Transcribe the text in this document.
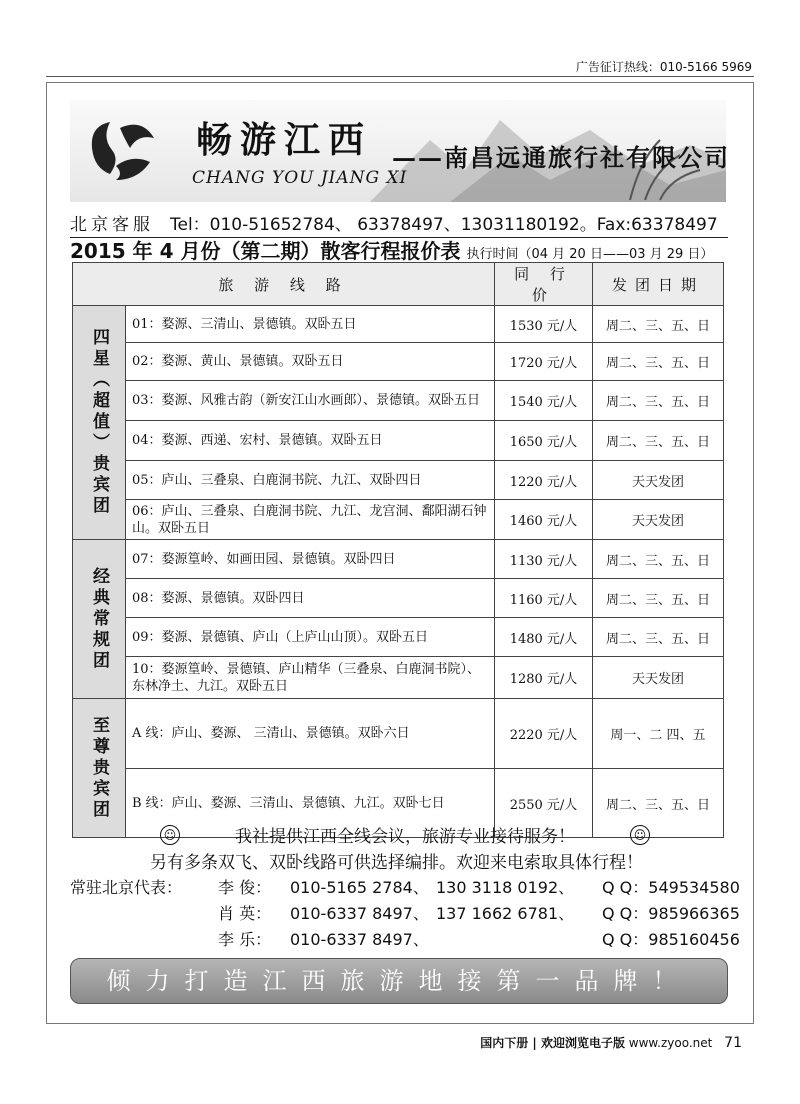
广告征订热线：010-5166 5969
畅游江西
CHANG YOU JIANG XI
——南昌远通旅行社有限公司
北京客服 Tel：010-51652784、 63378497、13031180192。Fax:63378497
2015 年 4 月份（第二期）散客行程报价表 执行时间（04 月 20 日——03 月 29 日）
旅 游 线 路		同 行 价	发团日期

四星（超值）贵宾团	01：婺源、三清山、景德镇。双卧五日	1530 元/人	周二、三、五、日
	02：婺源、黄山、景德镇。双卧五日	1720 元/人	周二、三、五、日
	03：婺源、风雅古韵（新安江山水画郎）、景德镇。双卧五日	1540 元/人	周二、三、五、日
	04：婺源、西递、宏村、景德镇。双卧五日	1650 元/人	周二、三、五、日
	05：庐山、三叠泉、白鹿洞书院、九江、双卧四日	1220 元/人	天天发团
	06：庐山、三叠泉、白鹿洞书院、九江、龙宫洞、鄱阳湖石钟山。双卧五日	1460 元/人	天天发团

经典常规团	07：婺源篁岭、如画田园、景德镇。双卧四日	1130 元/人	周二、三、五、日
	08：婺源、景德镇。双卧四日	1160 元/人	周二、三、五、日
	09：婺源、景德镇、庐山（上庐山山顶）。双卧五日	1480 元/人	周二、三、五、日
	10：婺源篁岭、景德镇、庐山精华（三叠泉、白鹿洞书院）、东林净土、九江。双卧五日	1280 元/人	天天发团

至尊贵宾团	A 线：庐山、婺源、 三清山、景德镇。双卧六日	2220 元/人	周一、二 四、五
	B 线：庐山、婺源、三清山、景德镇、九江。双卧七日	2550 元/人	周二、三、五、日
☺	我社提供江西全线会议，旅游专业接待服务！	☺
另有多条双飞、双卧线路可供选择编排。欢迎来电索取具体行程！
常驻北京代表：	李 俊：	010-5165 2784、 130 3118 0192、	Q Q：549534580
肖 英：	010-6337 8497、 137 1662 6781、	Q Q：985966365
李 乐：	010-6337 8497、	Q Q：985160456
倾力打造江西旅游地接第一品牌！
国内下册 | 欢迎浏览电子版 www.zyoo.net 71
